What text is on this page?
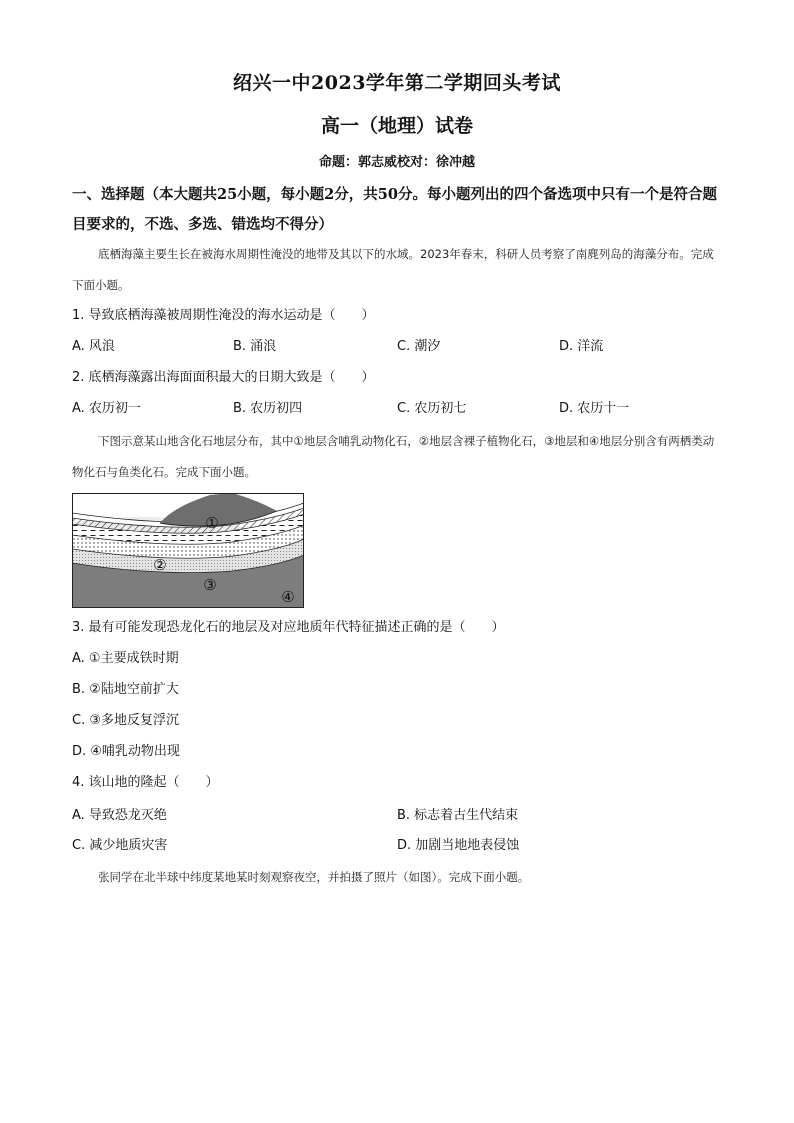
绍兴一中2023学年第二学期回头考试
高一（地理）试卷
命题：郭志威校对：徐冲越
一、选择题（本大题共25小题，每小题2分，共50分。每小题列出的四个备选项中只有一个是符合题目要求的，不选、多选、错选均不得分）
底栖海藻主要生长在被海水周期性淹没的地带及其以下的水域。2023年春末，科研人员考察了南麂列岛的海藻分布。完成下面小题。
1. 导致底栖海藻被周期性淹没的海水运动是（　　）
A. 风浪	B. 涌浪	C. 潮汐	D. 洋流
2. 底栖海藻露出海面面积最大的日期大致是（　　）
A. 农历初一	B. 农历初四	C. 农历初七	D. 农历十一
下图示意某山地含化石地层分布，其中①地层含哺乳动物化石，②地层含裸子植物化石，③地层和④地层分别含有两栖类动物化石与鱼类化石。完成下面小题。
①
②
③
④
3. 最有可能发现恐龙化石的地层及对应地质年代特征描述正确的是（　　）
A. ①主要成铁时期
B. ②陆地空前扩大
C. ③多地反复浮沉
D. ④哺乳动物出现
4. 该山地的隆起（　　）
A. 导致恐龙灭绝	B. 标志着古生代结束
C. 减少地质灾害	D. 加剧当地地表侵蚀
张同学在北半球中纬度某地某时刻观察夜空，并拍摄了照片（如图）。完成下面小题。
